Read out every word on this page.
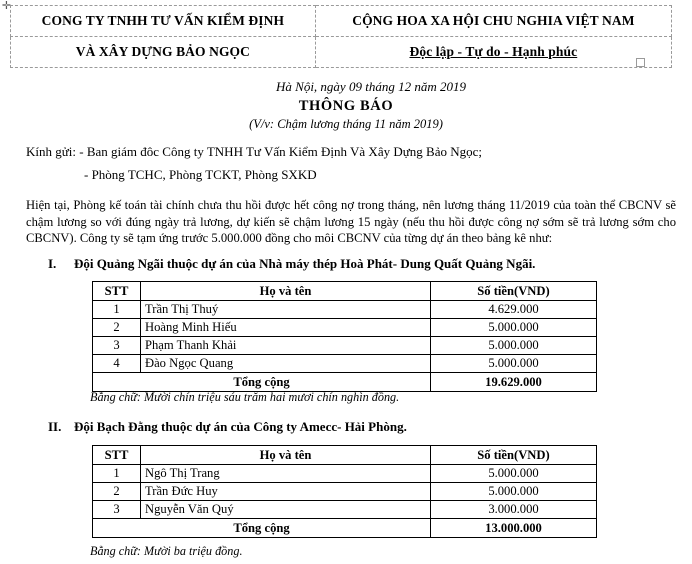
✛
CONG TY TNHH TƯ VẤN KIỂM ĐỊNH	CỘNG HOA XA HỘI CHU NGHIA VIỆT NAM
VÀ XÂY DỰNG BẢO NGỌC	Độc lập - Tự do - Hạnh phúc
Hà Nội, ngày 09 tháng 12 năm 2019
THÔNG BÁO
(V/v: Chậm lương tháng 11 năm 2019)
Kính gửi: - Ban giám đôc Công ty TNHH Tư Vấn Kiểm Định Và Xây Dựng Bảo Ngọc;
- Phòng TCHC, Phòng TCKT, Phòng SXKD
Hiện tại, Phòng kế toán tài chính chưa thu hồi được hết công nợ trong tháng, nên lương tháng 11/2019 của toàn thể CBCNV sẽ chậm lương so với đúng ngày trả lương, dự kiến sẽ chậm lương 15 ngày (nếu thu hồi được công nợ sớm sẽ trả lương sớm cho CBCNV). Công ty sẽ tạm ứng trước 5.000.000 đồng cho môi CBCNV của từng dự án theo bảng kê như:
I. Đội Quảng Ngãi thuộc dự án của Nhà máy thép Hoà Phát- Dung Quất Quảng Ngãi.
STT	Họ và tên	Số tiền(VND)
1	Trần Thị Thuý	4.629.000
2	Hoàng Minh Hiếu	5.000.000
3	Phạm Thanh Khải	5.000.000
4	Đào Ngọc Quang	5.000.000
Tổng cộng		19.629.000
Bằng chữ: Mười chín triệu sáu trăm hai mươi chín nghìn đồng.
II. Đội Bạch Đằng thuộc dự án của Công ty Amecc- Hải Phòng.
STT	Họ và tên	Số tiền(VND)
1	Ngô Thị Trang	5.000.000
2	Trần Đức Huy	5.000.000
3	Nguyễn Văn Quý	3.000.000
Tổng cộng		13.000.000
Bằng chữ: Mười ba triệu đồng.
